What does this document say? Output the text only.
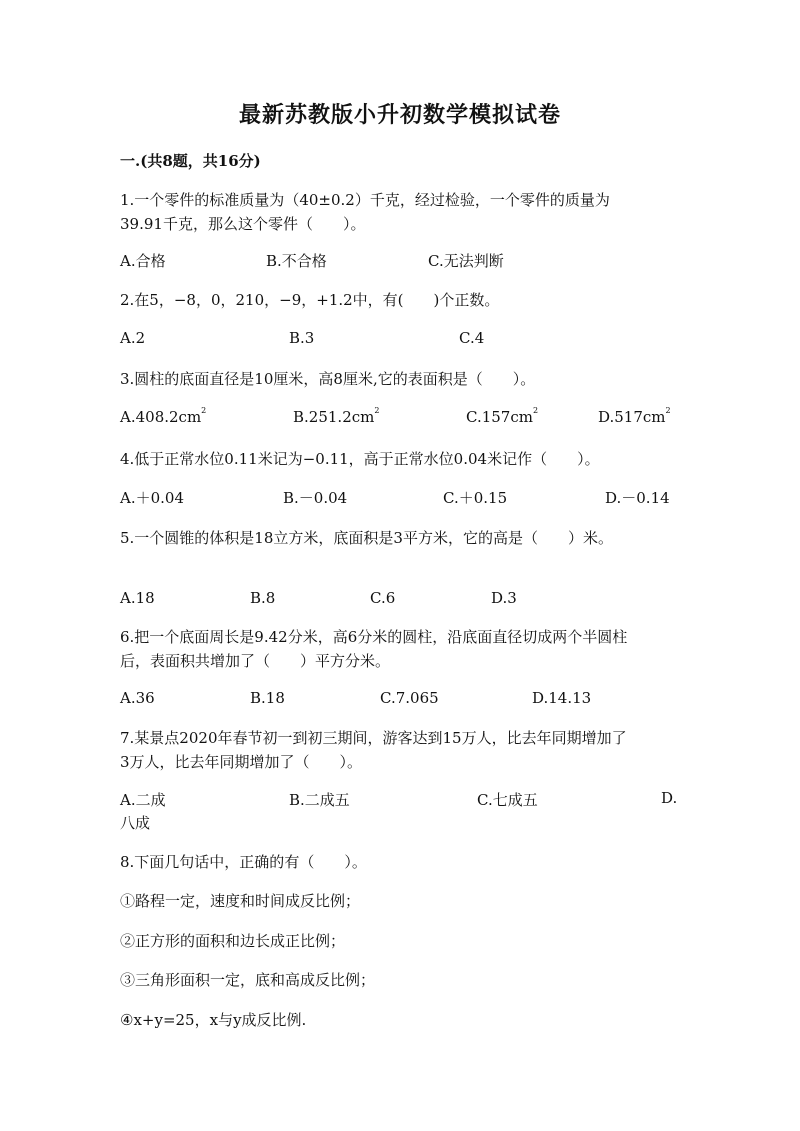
最新苏教版小升初数学模拟试卷
一.(共8题，共16分)
1.一个零件的标准质量为（40±0.2）千克，经过检验，一个零件的质量为
39.91千克，那么这个零件（　　）。
A.合格	B.不合格	C.无法判断
2.在5，−8，0，210，−9，+1.2中，有(　　)个正数。
A.2	B.3	C.4
3.圆柱的底面直径是10厘米，高8厘米,它的表面积是（　　）。
$A.408.2cm^2$	$B.251.2cm^2$	$C.157cm^2$	$D.517cm^2$
4.低于正常水位0.11米记为−0.11，高于正常水位0.04米记作（　　）。
A.＋0.04	B.－0.04	C.＋0.15	D.－0.14
5.一个圆锥的体积是18立方米，底面积是3平方米，它的高是（　　）米。
A.18	B.8	C.6	D.3
6.把一个底面周长是9.42分米，高6分米的圆柱，沿底面直径切成两个半圆柱
后，表面积共增加了（　　）平方分米。
A.36	B.18	C.7.065	D.14.13
7.某景点2020年春节初一到初三期间，游客达到15万人，比去年同期增加了
3万人，比去年同期增加了（　　）。
A.二成	B.二成五	C.七成五	D.
八成
8.下面几句话中，正确的有（　　）。
①路程一定，速度和时间成反比例；
②正方形的面积和边长成正比例；
③三角形面积一定，底和高成反比例；
④x+y=25，x与y成反比例.
